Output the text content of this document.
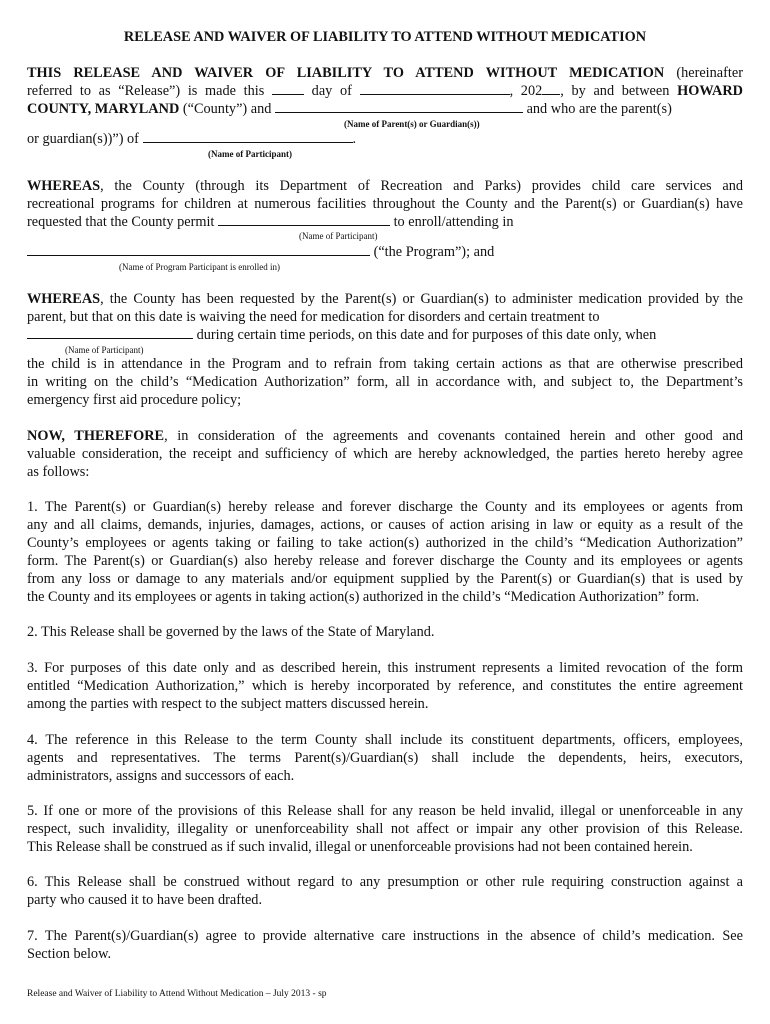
RELEASE AND WAIVER OF LIABILITY TO ATTEND WITHOUT MEDICATION
THIS RELEASE AND WAIVER OF LIABILITY TO ATTEND WITHOUT MEDICATION (hereinafter
referred to as “Release”) is made this	day of	, 202 , by and between HOWARD
COUNTY, MARYLAND (“County”) and	and who are the parent(s)
(Name of Parent(s) or Guardian(s))
or guardian(s))”) of	.
(Name of Participant)
WHEREAS, the County (through its Department of Recreation and Parks) provides child care services and
recreational programs for children at numerous facilities throughout the County and the Parent(s) or Guardian(s) have
requested that the County permit	to enroll/attending in
(Name of Participant)
(“the Program”); and
(Name of Program Participant is enrolled in)
WHEREAS, the County has been requested by the Parent(s) or Guardian(s) to administer medication provided by the
parent, but that on this date is waiving the need for medication for disorders and certain treatment to
during certain time periods, on this date and for purposes of this date only, when
(Name of Participant)
the child is in attendance in the Program and to refrain from taking certain actions as that are otherwise prescribed
in writing on the child’s “Medication Authorization” form, all in accordance with, and subject to, the Department’s
emergency first aid procedure policy;
NOW, THEREFORE, in consideration of the agreements and covenants contained herein and other good and
valuable consideration, the receipt and sufficiency of which are hereby acknowledged, the parties hereto hereby agree
as follows:
1. The Parent(s) or Guardian(s) hereby release and forever discharge the County and its employees or agents from
any and all claims, demands, injuries, damages, actions, or causes of action arising in law or equity as a result of the
County’s employees or agents taking or failing to take action(s) authorized in the child’s “Medication Authorization”
form. The Parent(s) or Guardian(s) also hereby release and forever discharge the County and its employees or agents
from any loss or damage to any materials and/or equipment supplied by the Parent(s) or Guardian(s) that is used by
the County and its employees or agents in taking action(s) authorized in the child’s “Medication Authorization” form.
2. This Release shall be governed by the laws of the State of Maryland.
3. For purposes of this date only and as described herein, this instrument represents a limited revocation of the form
entitled “Medication Authorization,” which is hereby incorporated by reference, and constitutes the entire agreement
among the parties with respect to the subject matters discussed herein.
4. The reference in this Release to the term County shall include its constituent departments, officers, employees,
agents and representatives. The terms Parent(s)/Guardian(s) shall include the dependents, heirs, executors,
administrators, assigns and successors of each.
5. If one or more of the provisions of this Release shall for any reason be held invalid, illegal or unenforceable in any
respect, such invalidity, illegality or unenforceability shall not affect or impair any other provision of this Release.
This Release shall be construed as if such invalid, illegal or unenforceable provisions had not been contained herein.
6. This Release shall be construed without regard to any presumption or other rule requiring construction against a
party who caused it to have been drafted.
7. The Parent(s)/Guardian(s) agree to provide alternative care instructions in the absence of child’s medication. See
Section below.
Release and Waiver of Liability to Attend Without Medication – July 2013 - sp
